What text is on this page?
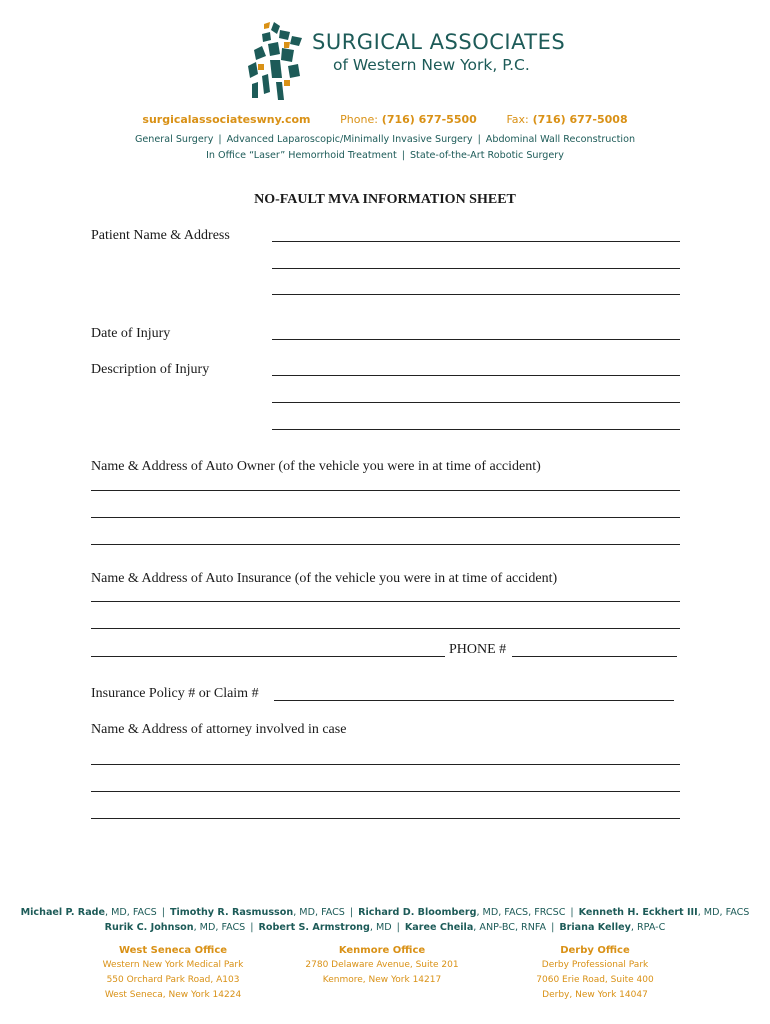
SURGICAL ASSOCIATES
of Western New York, P.C.
surgicalassociateswny.com	Phone: (716) 677-5500	Fax: (716) 677-5008
General Surgery | Advanced Laparoscopic/Minimally Invasive Surgery | Abdominal Wall Reconstruction
In Office “Laser” Hemorrhoid Treatment | State-of-the-Art Robotic Surgery
NO-FAULT MVA INFORMATION SHEET
Patient Name & Address
Date of Injury
Description of Injury
Name & Address of Auto Owner (of the vehicle you were in at time of accident)
Name & Address of Auto Insurance (of the vehicle you were in at time of accident)
PHONE #
Insurance Policy # or Claim #
Name & Address of attorney involved in case
Michael P. Rade, MD, FACS | Timothy R. Rasmusson, MD, FACS | Richard D. Bloomberg, MD, FACS, FRCSC | Kenneth H. Eckhert III, MD, FACS
Rurik C. Johnson, MD, FACS | Robert S. Armstrong, MD | Karee Cheila, ANP-BC, RNFA | Briana Kelley, RPA-C
West Seneca Office
Western New York Medical Park
550 Orchard Park Road, A103
West Seneca, New York 14224
Kenmore Office
2780 Delaware Avenue, Suite 201
Kenmore, New York 14217
Derby Office
Derby Professional Park
7060 Erie Road, Suite 400
Derby, New York 14047
